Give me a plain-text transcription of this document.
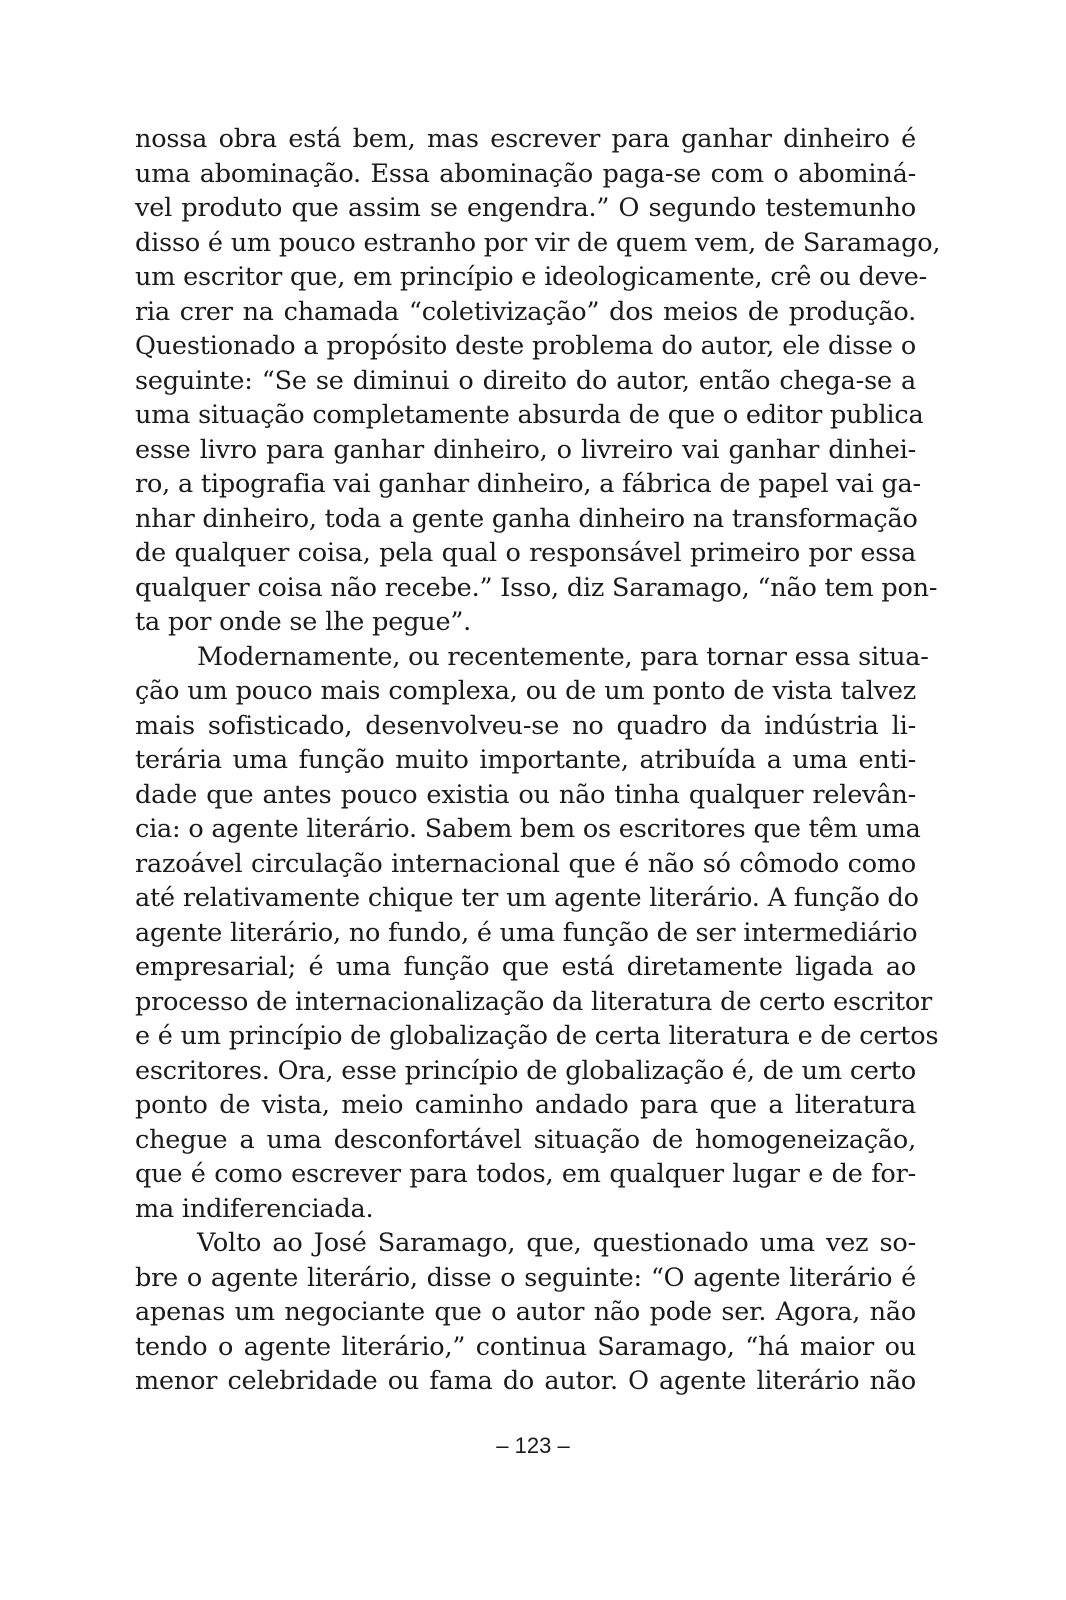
nossa obra está bem, mas escrever para ganhar dinheiro é
uma abominação. Essa abominação paga-se com o abominá-
vel produto que assim se engendra.” O segundo testemunho
disso é um pouco estranho por vir de quem vem, de Saramago,
um escritor que, em princípio e ideologicamente, crê ou deve-
ria crer na chamada “coletivização” dos meios de produção.
Questionado a propósito deste problema do autor, ele disse o
seguinte: “Se se diminui o direito do autor, então chega-se a
uma situação completamente absurda de que o editor publica
esse livro para ganhar dinheiro, o livreiro vai ganhar dinhei-
ro, a tipografia vai ganhar dinheiro, a fábrica de papel vai ga-
nhar dinheiro, toda a gente ganha dinheiro na transformação
de qualquer coisa, pela qual o responsável primeiro por essa
qualquer coisa não recebe.” Isso, diz Saramago, “não tem pon-
ta por onde se lhe pegue”.
Modernamente, ou recentemente, para tornar essa situa-
ção um pouco mais complexa, ou de um ponto de vista talvez
mais sofisticado, desenvolveu-se no quadro da indústria li-
terária uma função muito importante, atribuída a uma enti-
dade que antes pouco existia ou não tinha qualquer relevân-
cia: o agente literário. Sabem bem os escritores que têm uma
razoável circulação internacional que é não só cômodo como
até relativamente chique ter um agente literário. A função do
agente literário, no fundo, é uma função de ser intermediário
empresarial; é uma função que está diretamente ligada ao
processo de internacionalização da literatura de certo escritor
e é um princípio de globalização de certa literatura e de certos
escritores. Ora, esse princípio de globalização é, de um certo
ponto de vista, meio caminho andado para que a literatura
chegue a uma desconfortável situação de homogeneização,
que é como escrever para todos, em qualquer lugar e de for-
ma indiferenciada.
Volto ao José Saramago, que, questionado uma vez so-
bre o agente literário, disse o seguinte: “O agente literário é
apenas um negociante que o autor não pode ser. Agora, não
tendo o agente literário,” continua Saramago, “há maior ou
menor celebridade ou fama do autor. O agente literário não
– 123 –
